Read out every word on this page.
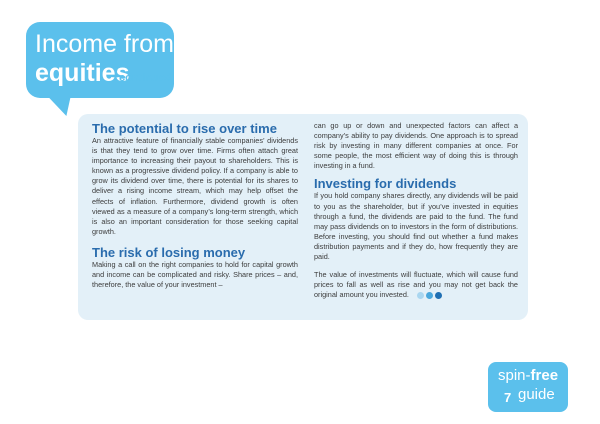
Income from
equities
continued
The potential to rise over time

An attractive feature of financially stable companies’ dividends is that they tend to grow over time. Firms often attach great importance to increasing their payout to shareholders. This is known as a progressive dividend policy. If a company is able to grow its dividend over time, there is potential for its shares to deliver a rising income stream, which may help offset the effects of inflation. Furthermore, dividend growth is often viewed as a measure of a company’s long-term strength, which is also an important consideration for those seeking capital growth.

The risk of losing money

Making a call on the right companies to hold for capital growth and income can be complicated and risky. Share prices – and, therefore, the value of your investment –

can go up or down and unexpected factors can affect a company’s ability to pay dividends. One approach is to spread risk by investing in many different companies at once. For some people, the most efficient way of doing this is through investing in a fund.

Investing for dividends

If you hold company shares directly, any dividends will be paid to you as the shareholder, but if you’ve invested in equities through a fund, the dividends are paid to the fund. The fund may pass dividends on to investors in the form of distributions. Before investing, you should find out whether a fund makes distribution payments and if they do, how frequently they are paid.

The value of investments will fluctuate, which will cause fund prices to fall as well as rise and you may not get back the original amount you invested.

spin-free
7 guide
